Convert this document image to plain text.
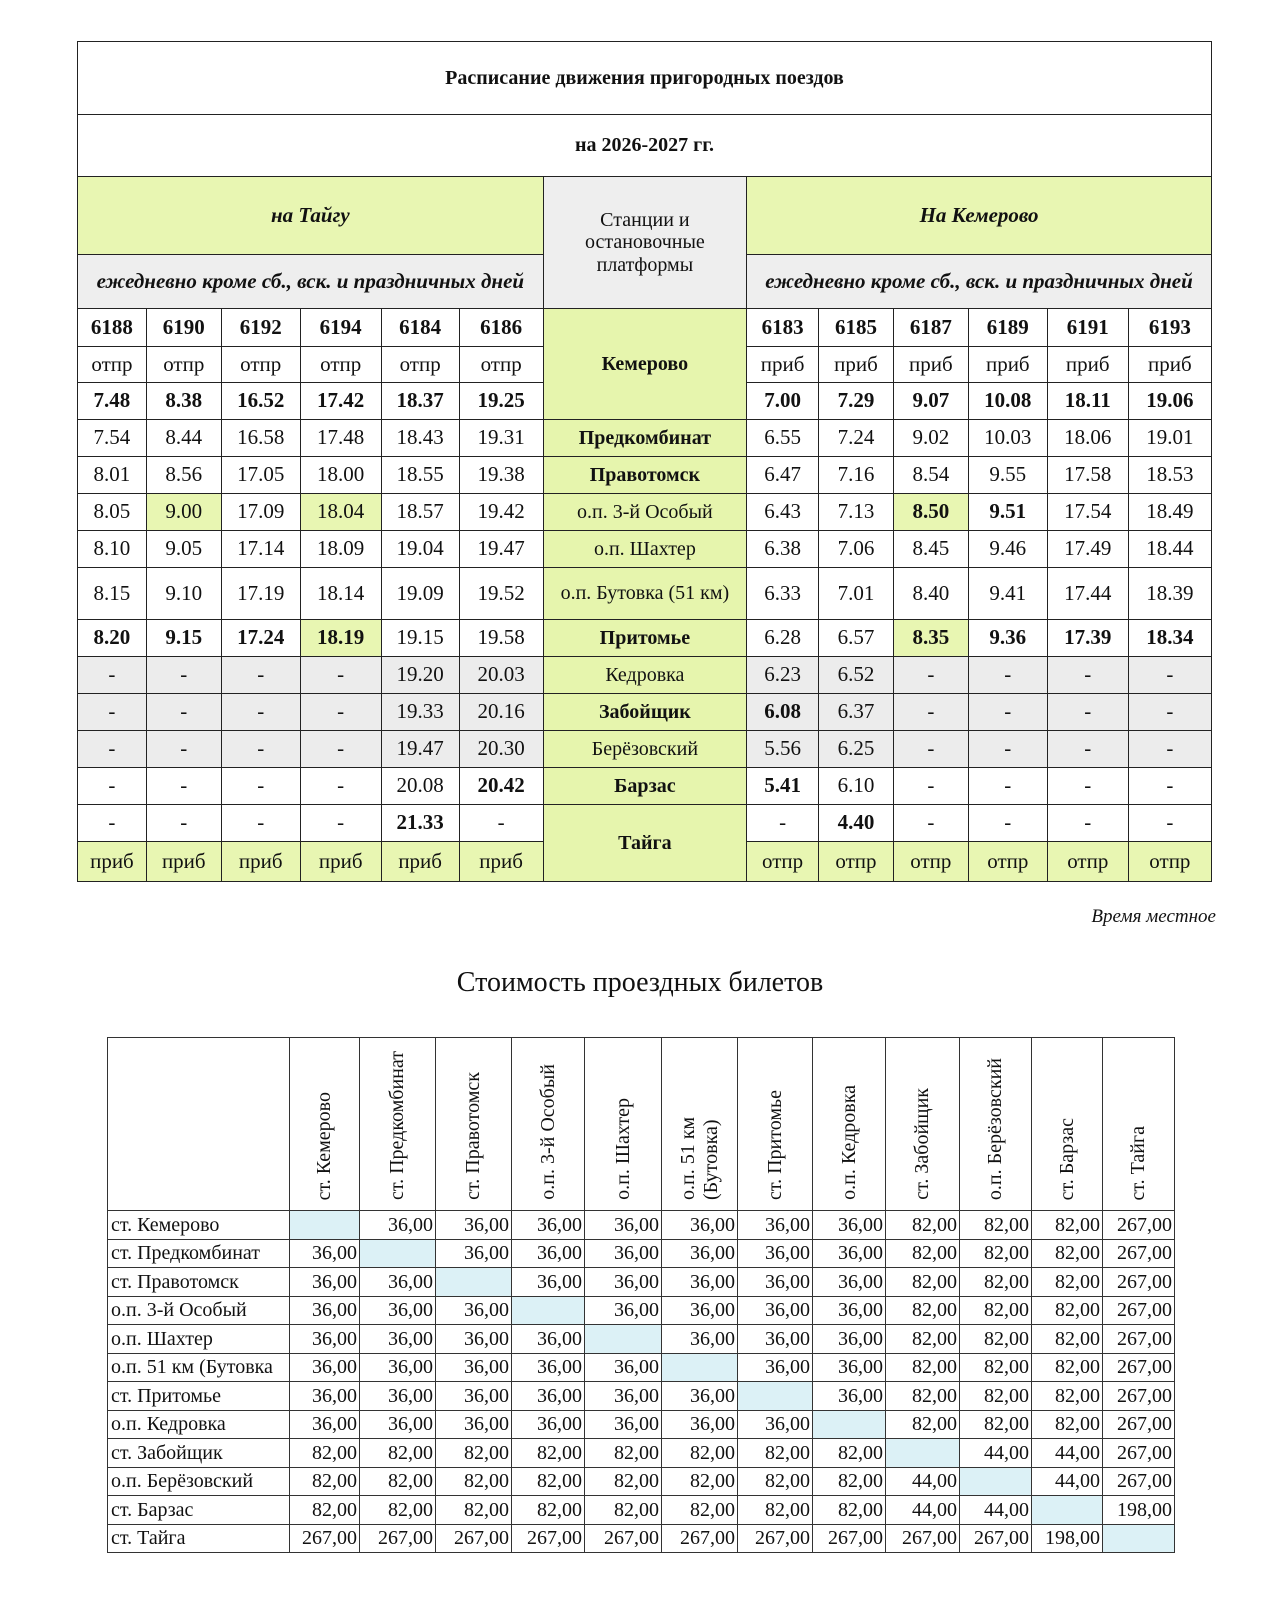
Расписание движения пригородных поездов												
на 2026-2027 гг.												
на Тайгу						Станции и остановочные платформы	На Кемерово					
ежедневно кроме сб., вск. и праздничных дней							ежедневно кроме сб., вск. и праздничных дней					
6188	6190	6192	6194	6184	6186	Кемерово	6183	6185	6187	6189	6191	6193
отпр	отпр	отпр	отпр	отпр	отпр		приб	приб	приб	приб	приб	приб
7.48	8.38	16.52	17.42	18.37	19.25		7.00	7.29	9.07	10.08	18.11	19.06
7.54	8.44	16.58	17.48	18.43	19.31	Предкомбинат	6.55	7.24	9.02	10.03	18.06	19.01
8.01	8.56	17.05	18.00	18.55	19.38	Правотомск	6.47	7.16	8.54	9.55	17.58	18.53
8.05	9.00	17.09	18.04	18.57	19.42	о.п. 3-й Особый	6.43	7.13	8.50	9.51	17.54	18.49
8.10	9.05	17.14	18.09	19.04	19.47	о.п. Шахтер	6.38	7.06	8.45	9.46	17.49	18.44
8.15	9.10	17.19	18.14	19.09	19.52	о.п. Бутовка (51 км)	6.33	7.01	8.40	9.41	17.44	18.39
8.20	9.15	17.24	18.19	19.15	19.58	Притомье	6.28	6.57	8.35	9.36	17.39	18.34
-	-	-	-	19.20	20.03	Кедровка	6.23	6.52	-	-	-	-
-	-	-	-	19.33	20.16	Забойщик	6.08	6.37	-	-	-	-
-	-	-	-	19.47	20.30	Берёзовский	5.56	6.25	-	-	-	-
-	-	-	-	20.08	20.42	Барзас	5.41	6.10	-	-	-	-
-	-	-	-	21.33	-	Тайга	-	4.40	-	-	-	-
приб	приб	приб	приб	приб	приб		отпр	отпр	отпр	отпр	отпр	отпр
Время местное
Стоимость проездных билетов
	ст. Кемерово	ст. Предкомбинат	ст. Правотомск	о.п. 3-й Особый	о.п. Шахтер	о.п. 51 км (Бутовка)	ст. Притомье	о.п. Кедровка	ст. Забойщик	о.п. Берёзовский	ст. Барзас	ст. Тайга
ст. Кемерово		36,00	36,00	36,00	36,00	36,00	36,00	36,00	82,00	82,00	82,00	267,00
ст. Предкомбинат	36,00		36,00	36,00	36,00	36,00	36,00	36,00	82,00	82,00	82,00	267,00
ст. Правотомск	36,00	36,00		36,00	36,00	36,00	36,00	36,00	82,00	82,00	82,00	267,00
о.п. 3-й Особый	36,00	36,00	36,00		36,00	36,00	36,00	36,00	82,00	82,00	82,00	267,00
о.п. Шахтер	36,00	36,00	36,00	36,00		36,00	36,00	36,00	82,00	82,00	82,00	267,00
о.п. 51 км (Бутовка	36,00	36,00	36,00	36,00	36,00		36,00	36,00	82,00	82,00	82,00	267,00
ст. Притомье	36,00	36,00	36,00	36,00	36,00	36,00		36,00	82,00	82,00	82,00	267,00
о.п. Кедровка	36,00	36,00	36,00	36,00	36,00	36,00	36,00		82,00	82,00	82,00	267,00
ст. Забойщик	82,00	82,00	82,00	82,00	82,00	82,00	82,00	82,00		44,00	44,00	267,00
о.п. Берёзовский	82,00	82,00	82,00	82,00	82,00	82,00	82,00	82,00	44,00		44,00	267,00
ст. Барзас	82,00	82,00	82,00	82,00	82,00	82,00	82,00	82,00	44,00	44,00		198,00
ст. Тайга	267,00	267,00	267,00	267,00	267,00	267,00	267,00	267,00	267,00	267,00	198,00	
